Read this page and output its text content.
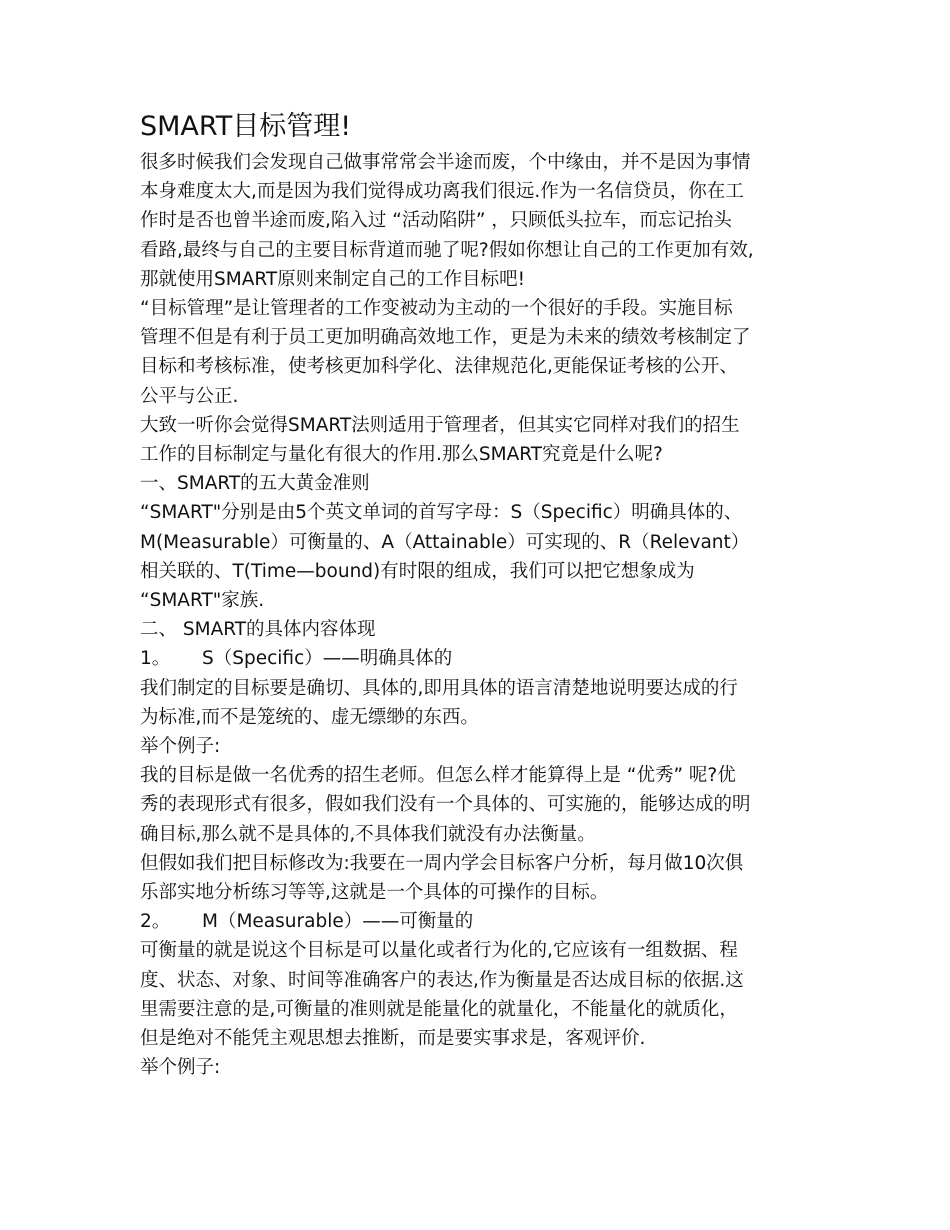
SMART目标管理!
很多时候我们会发现自己做事常常会半途而废，个中缘由，并不是因为事情
本身难度太大,而是因为我们觉得成功离我们很远.作为一名信贷员，你在工
作时是否也曾半途而废,陷入过 “活动陷阱” ，只顾低头拉车，而忘记抬头
看路,最终与自己的主要目标背道而驰了呢?假如你想让自己的工作更加有效,
那就使用SMART原则来制定自己的工作目标吧!
“目标管理”是让管理者的工作变被动为主动的一个很好的手段。实施目标
管理不但是有利于员工更加明确高效地工作，更是为未来的绩效考核制定了
目标和考核标准，使考核更加科学化、法律规范化,更能保证考核的公开、
公平与公正.
大致一听你会觉得SMART法则适用于管理者，但其实它同样对我们的招生
工作的目标制定与量化有很大的作用.那么SMART究竟是什么呢?
一、SMART的五大黄金准则
“SMART"分别是由5个英文单词的首写字母：S（Specific）明确具体的、
M(Measurable）可衡量的、A（Attainable）可实现的、R（Relevant）
相关联的、T(Time—bound)有时限的组成，我们可以把它想象成为
“SMART"家族.
二、 SMART的具体内容体现
1。 S（Specific）——明确具体的
我们制定的目标要是确切、具体的,即用具体的语言清楚地说明要达成的行
为标准,而不是笼统的、虚无缥缈的东西。
举个例子:
我的目标是做一名优秀的招生老师。但怎么样才能算得上是 “优秀” 呢?优
秀的表现形式有很多，假如我们没有一个具体的、可实施的，能够达成的明
确目标,那么就不是具体的,不具体我们就没有办法衡量。
但假如我们把目标修改为:我要在一周内学会目标客户分析，每月做10次俱
乐部实地分析练习等等,这就是一个具体的可操作的目标。
2。 M（Measurable）——可衡量的
可衡量的就是说这个目标是可以量化或者行为化的,它应该有一组数据、程
度、状态、对象、时间等准确客户的表达,作为衡量是否达成目标的依据.这
里需要注意的是,可衡量的准则就是能量化的就量化，不能量化的就质化，
但是绝对不能凭主观思想去推断，而是要实事求是，客观评价.
举个例子:
